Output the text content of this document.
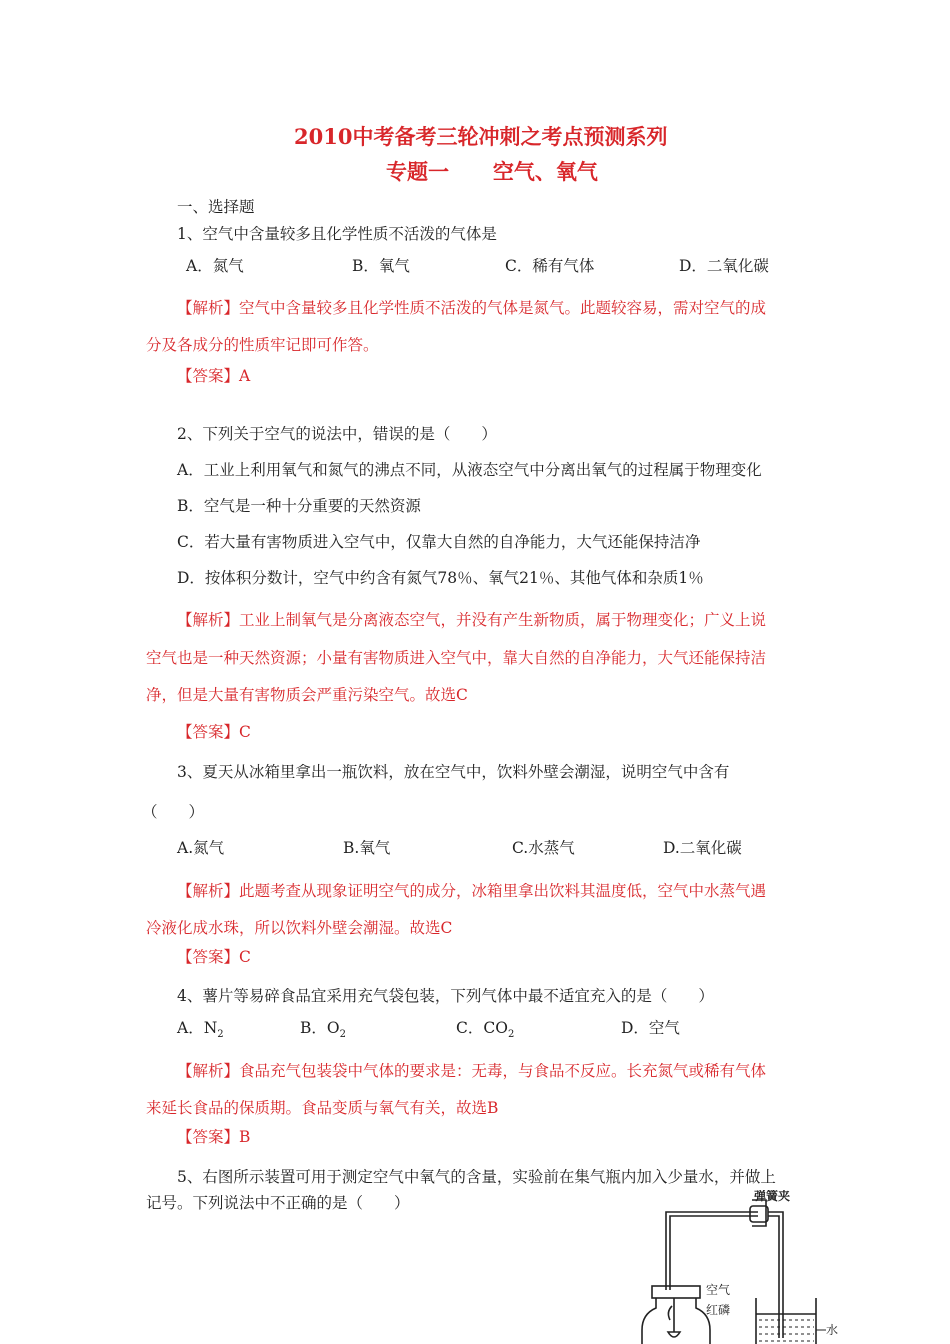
2010中考备考三轮冲刺之考点预测系列
专题一      空气、氧气
一、选择题
1、空气中含量较多且化学性质不活泼的气体是
A．氮气	B．氧气	C．稀有气体	D．二氧化碳
【解析】空气中含量较多且化学性质不活泼的气体是氮气。此题较容易，需对空气的成
分及各成分的性质牢记即可作答。
【答案】A
2、下列关于空气的说法中，错误的是（　　）
A．工业上利用氧气和氮气的沸点不同，从液态空气中分离出氧气的过程属于物理变化
B．空气是一种十分重要的天然资源
C．若大量有害物质进入空气中，仅靠大自然的自净能力，大气还能保持洁净
D．按体积分数计，空气中约含有氮气78％、氧气21％、其他气体和杂质1％
【解析】工业上制氧气是分离液态空气，并没有产生新物质，属于物理变化；广义上说
空气也是一种天然资源；小量有害物质进入空气中，靠大自然的自净能力，大气还能保持洁
净，但是大量有害物质会严重污染空气。故选C
【答案】C
3、夏天从冰箱里拿出一瓶饮料，放在空气中，饮料外壁会潮湿，说明空气中含有
（　　）
A.氮气	B.氧气	C.水蒸气	D.二氧化碳
【解析】此题考查从现象证明空气的成分，冰箱里拿出饮料其温度低，空气中水蒸气遇
冷液化成水珠，所以饮料外壁会潮湿。故选C
【答案】C
4、薯片等易碎食品宜采用充气袋包装，下列气体中最不适宜充入的是（　　）
A．$N_2$	B．$O_2$	C．$CO_2$	D．空气
【解析】食品充气包装袋中气体的要求是：无毒，与食品不反应。长充氮气或稀有气体
来延长食品的保质期。食品变质与氧气有关，故选B
【答案】B
5、右图所示装置可用于测定空气中氧气的含量，实验前在集气瓶内加入少量水，并做上
记号。下列说法中不正确的是（　　）	弹簧夹
空气
红磷
水
